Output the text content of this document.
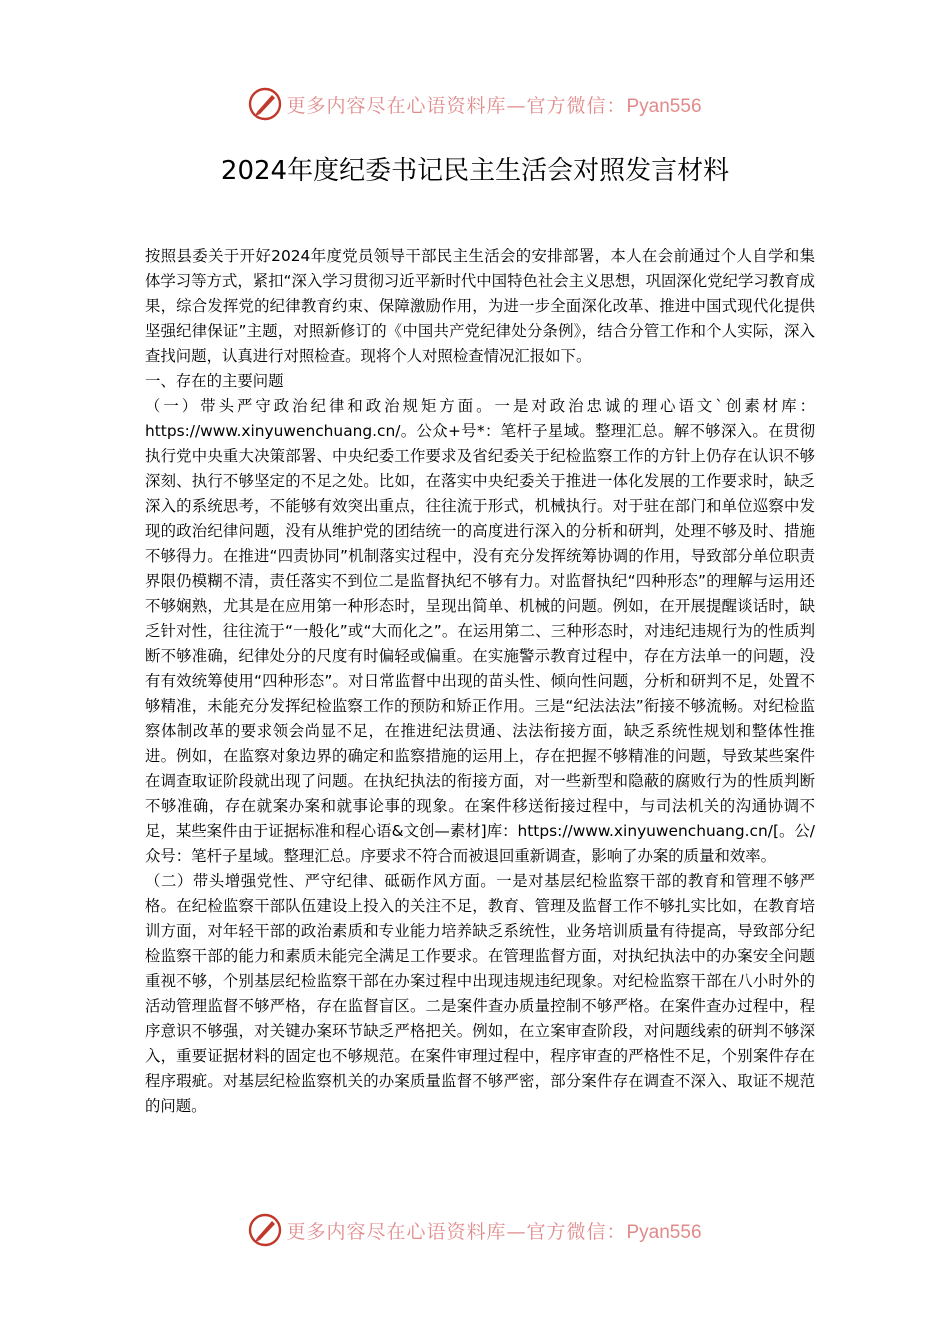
更多内容尽在心语资料库—官方微信：Pyan556
2024年度纪委书记民主生活会对照发言材料

按照县委关于开好2024年度党员领导干部民主生活会的安排部署，本人在会前通过个人自学和集体学习等方式，紧扣“深入学习贯彻习近平新时代中国特色社会主义思想，巩固深化党纪学习教育成果，综合发挥党的纪律教育约束、保障激励作用，为进一步全面深化改革、推进中国式现代化提供坚强纪律保证”主题，对照新修订的《中国共产党纪律处分条例》，结合分管工作和个人实际，深入查找问题，认真进行对照检查。现将个人对照检查情况汇报如下。

一、存在的主要问题

（一）带头严守政治纪律和政治规矩方面。一是对政治忠诚的理心语文`创素材库：https://www.xinyuwenchuang.cn/。公众+号*：笔杆子星域。整理汇总。解不够深入。在贯彻执行党中央重大决策部署、中央纪委工作要求及省纪委关于纪检监察工作的方针上仍存在认识不够深刻、执行不够坚定的不足之处。比如，在落实中央纪委关于推进一体化发展的工作要求时，缺乏深入的系统思考，不能够有效突出重点，往往流于形式，机械执行。对于驻在部门和单位巡察中发现的政治纪律问题，没有从维护党的团结统一的高度进行深入的分析和研判，处理不够及时、措施不够得力。在推进“四责协同”机制落实过程中，没有充分发挥统筹协调的作用，导致部分单位职责界限仍模糊不清，责任落实不到位二是监督执纪不够有力。对监督执纪“四种形态”的理解与运用还不够娴熟，尤其是在应用第一种形态时，呈现出简单、机械的问题。例如，在开展提醒谈话时，缺乏针对性，往往流于“一般化”或“大而化之”。在运用第二、三种形态时，对违纪违规行为的性质判断不够准确，纪律处分的尺度有时偏轻或偏重。在实施警示教育过程中，存在方法单一的问题，没有有效统筹使用“四种形态”。对日常监督中出现的苗头性、倾向性问题，分析和研判不足，处置不够精准，未能充分发挥纪检监察工作的预防和矫正作用。三是“纪法法法”衔接不够流畅。对纪检监察体制改革的要求领会尚显不足，在推进纪法贯通、法法衔接方面，缺乏系统性规划和整体性推进。例如，在监察对象边界的确定和监察措施的运用上，存在把握不够精准的问题，导致某些案件在调查取证阶段就出现了问题。在执纪执法的衔接方面，对一些新型和隐蔽的腐败行为的性质判断不够准确，存在就案办案和就事论事的现象。在案件移送衔接过程中，与司法机关的沟通协调不足，某些案件由于证据标准和程心语&文创—素材]库：https://www.xinyuwenchuang.cn/[。公/众号：笔杆子星域。整理汇总。序要求不符合而被退回重新调查，影响了办案的质量和效率。

（二）带头增强党性、严守纪律、砥砺作风方面。一是对基层纪检监察干部的教育和管理不够严格。在纪检监察干部队伍建设上投入的关注不足，教育、管理及监督工作不够扎实比如，在教育培训方面，对年轻干部的政治素质和专业能力培养缺乏系统性，业务培训质量有待提高，导致部分纪检监察干部的能力和素质未能完全满足工作要求。在管理监督方面，对执纪执法中的办案安全问题重视不够，个别基层纪检监察干部在办案过程中出现违规违纪现象。对纪检监察干部在八小时外的活动管理监督不够严格，存在监督盲区。二是案件查办质量控制不够严格。在案件查办过程中，程序意识不够强，对关键办案环节缺乏严格把关。例如，在立案审查阶段，对问题线索的研判不够深入，重要证据材料的固定也不够规范。在案件审理过程中，程序审查的严格性不足，个别案件存在程序瑕疵。对基层纪检监察机关的办案质量监督不够严密，部分案件存在调查不深入、取证不规范的问题。

更多内容尽在心语资料库—官方微信：Pyan556
